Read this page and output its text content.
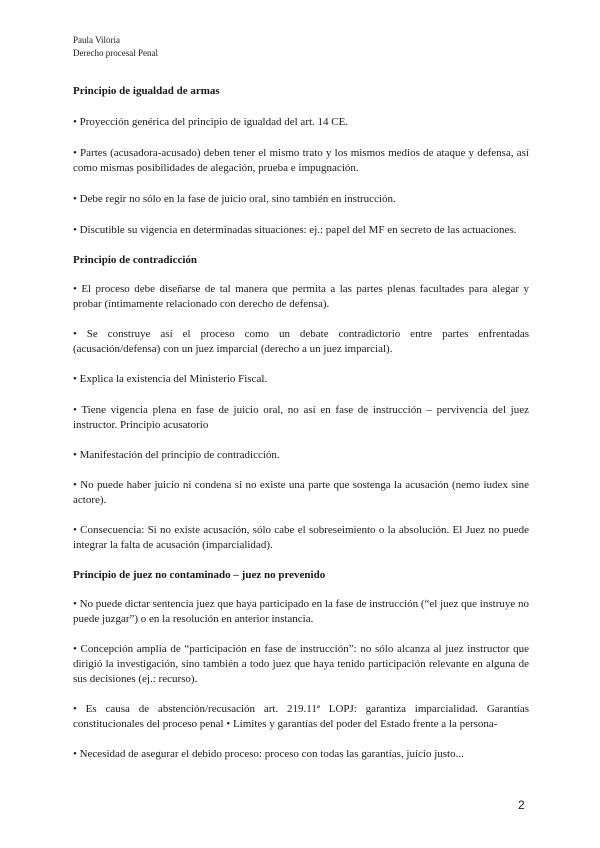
Paula Viloria
Derecho procesal Penal

Principio de igualdad de armas

• Proyección genérica del principio de igualdad del art. 14 CE.

• Partes (acusadora-acusado) deben tener el mismo trato y los mismos medios de ataque y defensa, así como mismas posibilidades de alegación, prueba e impugnación.

• Debe regir no sólo en la fase de juicio oral, sino también en instrucción.

• Discutible su vigencia en determinadas situaciones: ej.: papel del MF en secreto de las actuaciones.

Principio de contradicción

• El proceso debe diseñarse de tal manera que permita a las partes plenas facultades para alegar y probar (íntimamente relacionado con derecho de defensa).

• Se construye así el proceso como un debate contradictorio entre partes enfrentadas (acusación/defensa) con un juez imparcial (derecho a un juez imparcial).

• Explica la existencia del Ministerio Fiscal.

• Tiene vigencia plena en fase de juicio oral, no así en fase de instrucción – pervivencia del juez instructor. Principio acusatorio

• Manifestación del principio de contradicción.

• No puede haber juicio ni condena si no existe una parte que sostenga la acusación (nemo iudex sine actore).

• Consecuencia: Si no existe acusación, sólo cabe el sobreseimiento o la absolución. El Juez no puede integrar la falta de acusación (imparcialidad).

Principio de juez no contaminado – juez no prevenido

• No puede dictar sentencia juez que haya participado en la fase de instrucción (“el juez que instruye no puede juzgar”) o en la resolución en anterior instancia.

• Concepción amplia de “participación en fase de instrucción”: no sólo alcanza al juez instructor que dirigió la investigación, sino también a todo juez que haya tenido participación relevante en alguna de sus decisiones (ej.: recurso).

• Es causa de abstención/recusación art. 219.11ª LOPJ: garantiza imparcialidad. Garantías constitucionales del proceso penal • Límites y garantías del poder del Estado frente a la persona-

• Necesidad de asegurar el debido proceso: proceso con todas las garantías, juicio justo...

2
